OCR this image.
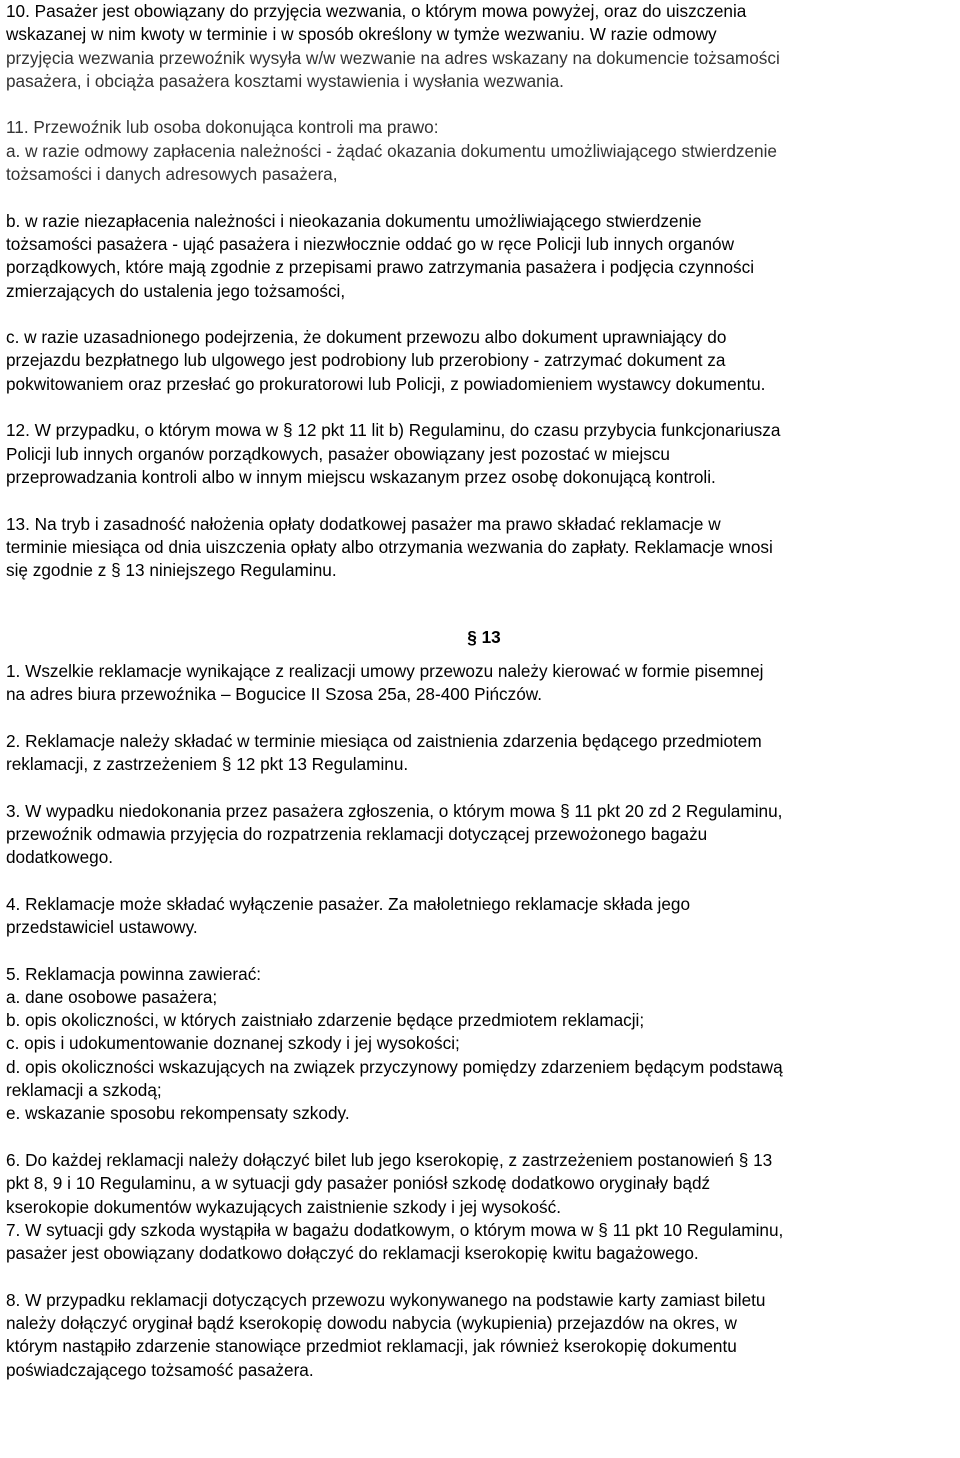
10. Pasażer jest obowiązany do przyjęcia wezwania, o którym mowa powyżej, oraz do uiszczenia
wskazanej w nim kwoty w terminie i w sposób określony w tymże wezwaniu. W razie odmowy
przyjęcia wezwania przewoźnik wysyła w/w wezwanie na adres wskazany na dokumencie tożsamości
pasażera, i obciąża pasażera kosztami wystawienia i wysłania wezwania.
11. Przewoźnik lub osoba dokonująca kontroli ma prawo:
a. w razie odmowy zapłacenia należności - żądać okazania dokumentu umożliwiającego stwierdzenie
tożsamości i danych adresowych pasażera,
b. w razie niezapłacenia należności i nieokazania dokumentu umożliwiającego stwierdzenie
tożsamości pasażera - ująć pasażera i niezwłocznie oddać go w ręce Policji lub innych organów
porządkowych, które mają zgodnie z przepisami prawo zatrzymania pasażera i podjęcia czynności
zmierzających do ustalenia jego tożsamości,
c. w razie uzasadnionego podejrzenia, że dokument przewozu albo dokument uprawniający do
przejazdu bezpłatnego lub ulgowego jest podrobiony lub przerobiony - zatrzymać dokument za
pokwitowaniem oraz przesłać go prokuratorowi lub Policji, z powiadomieniem wystawcy dokumentu.
12. W przypadku, o którym mowa w § 12 pkt 11 lit b) Regulaminu, do czasu przybycia funkcjonariusza
Policji lub innych organów porządkowych, pasażer obowiązany jest pozostać w miejscu
przeprowadzania kontroli albo w innym miejscu wskazanym przez osobę dokonującą kontroli.
13. Na tryb i zasadność nałożenia opłaty dodatkowej pasażer ma prawo składać reklamacje w
terminie miesiąca od dnia uiszczenia opłaty albo otrzymania wezwania do zapłaty. Reklamacje wnosi
się zgodnie z § 13 niniejszego Regulaminu.
§ 13
1. Wszelkie reklamacje wynikające z realizacji umowy przewozu należy kierować w formie pisemnej
na adres biura przewoźnika – Bogucice II Szosa 25a, 28-400 Pińczów.
2. Reklamacje należy składać w terminie miesiąca od zaistnienia zdarzenia będącego przedmiotem
reklamacji, z zastrzeżeniem § 12 pkt 13 Regulaminu.
3. W wypadku niedokonania przez pasażera zgłoszenia, o którym mowa § 11 pkt 20 zd 2 Regulaminu,
przewoźnik odmawia przyjęcia do rozpatrzenia reklamacji dotyczącej przewożonego bagażu
dodatkowego.
4. Reklamacje może składać wyłączenie pasażer. Za małoletniego reklamacje składa jego
przedstawiciel ustawowy.
5. Reklamacja powinna zawierać:
a. dane osobowe pasażera;
b. opis okoliczności, w których zaistniało zdarzenie będące przedmiotem reklamacji;
c. opis i udokumentowanie doznanej szkody i jej wysokości;
d. opis okoliczności wskazujących na związek przyczynowy pomiędzy zdarzeniem będącym podstawą
reklamacji a szkodą;
e. wskazanie sposobu rekompensaty szkody.
6. Do każdej reklamacji należy dołączyć bilet lub jego kserokopię, z zastrzeżeniem postanowień § 13
pkt 8, 9 i 10 Regulaminu, a w sytuacji gdy pasażer poniósł szkodę dodatkowo oryginały bądź
kserokopie dokumentów wykazujących zaistnienie szkody i jej wysokość.
7. W sytuacji gdy szkoda wystąpiła w bagażu dodatkowym, o którym mowa w § 11 pkt 10 Regulaminu,
pasażer jest obowiązany dodatkowo dołączyć do reklamacji kserokopię kwitu bagażowego.
8. W przypadku reklamacji dotyczących przewozu wykonywanego na podstawie karty zamiast biletu
należy dołączyć oryginał bądź kserokopię dowodu nabycia (wykupienia) przejazdów na okres, w
którym nastąpiło zdarzenie stanowiące przedmiot reklamacji, jak również kserokopię dokumentu
poświadczającego tożsamość pasażera.
